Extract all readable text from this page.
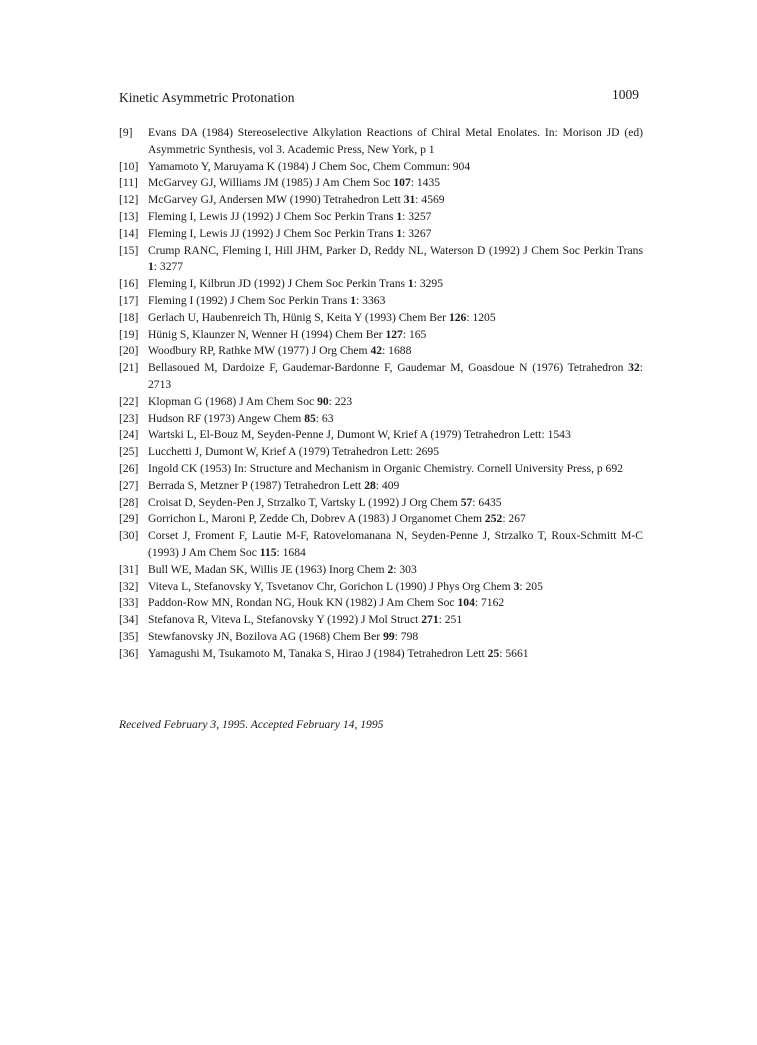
Kinetic Asymmetric Protonation	1009
[9] Evans DA (1984) Stereoselective Alkylation Reactions of Chiral Metal Enolates. In: Morison JD (ed) Asymmetric Synthesis, vol 3. Academic Press, New York, p 1
[10] Yamamoto Y, Maruyama K (1984) J Chem Soc, Chem Commun: 904
[11] McGarvey GJ, Williams JM (1985) J Am Chem Soc 107: 1435
[12] McGarvey GJ, Andersen MW (1990) Tetrahedron Lett 31: 4569
[13] Fleming I, Lewis JJ (1992) J Chem Soc Perkin Trans 1: 3257
[14] Fleming I, Lewis JJ (1992) J Chem Soc Perkin Trans 1: 3267
[15] Crump RANC, Fleming I, Hill JHM, Parker D, Reddy NL, Waterson D (1992) J Chem Soc Perkin Trans 1: 3277
[16] Fleming I, Kilbrun JD (1992) J Chem Soc Perkin Trans 1: 3295
[17] Fleming I (1992) J Chem Soc Perkin Trans 1: 3363
[18] Gerlach U, Haubenreich Th, Hünig S, Keita Y (1993) Chem Ber 126: 1205
[19] Hünig S, Klaunzer N, Wenner H (1994) Chem Ber 127: 165
[20] Woodbury RP, Rathke MW (1977) J Org Chem 42: 1688
[21] Bellasoued M, Dardoize F, Gaudemar-Bardonne F, Gaudemar M, Goasdoue N (1976) Tetrahedron 32: 2713
[22] Klopman G (1968) J Am Chem Soc 90: 223
[23] Hudson RF (1973) Angew Chem 85: 63
[24] Wartski L, El-Bouz M, Seyden-Penne J, Dumont W, Krief A (1979) Tetrahedron Lett: 1543
[25] Lucchetti J, Dumont W, Krief A (1979) Tetrahedron Lett: 2695
[26] Ingold CK (1953) In: Structure and Mechanism in Organic Chemistry. Cornell University Press, p 692
[27] Berrada S, Metzner P (1987) Tetrahedron Lett 28: 409
[28] Croisat D, Seyden-Pen J, Strzalko T, Vartsky L (1992) J Org Chem 57: 6435
[29] Gorrichon L, Maroni P, Zedde Ch, Dobrev A (1983) J Organomet Chem 252: 267
[30] Corset J, Froment F, Lautie M-F, Ratovelomanana N, Seyden-Penne J, Strzalko T, Roux-Schmitt M-C (1993) J Am Chem Soc 115: 1684
[31] Bull WE, Madan SK, Willis JE (1963) Inorg Chem 2: 303
[32] Viteva L, Stefanovsky Y, Tsvetanov Chr, Gorichon L (1990) J Phys Org Chem 3: 205
[33] Paddon-Row MN, Rondan NG, Houk KN (1982) J Am Chem Soc 104: 7162
[34] Stefanova R, Viteva L, Stefanovsky Y (1992) J Mol Struct 271: 251
[35] Stewfanovsky JN, Bozilova AG (1968) Chem Ber 99: 798
[36] Yamagushi M, Tsukamoto M, Tanaka S, Hirao J (1984) Tetrahedron Lett 25: 5661
Received February 3, 1995. Accepted February 14, 1995
